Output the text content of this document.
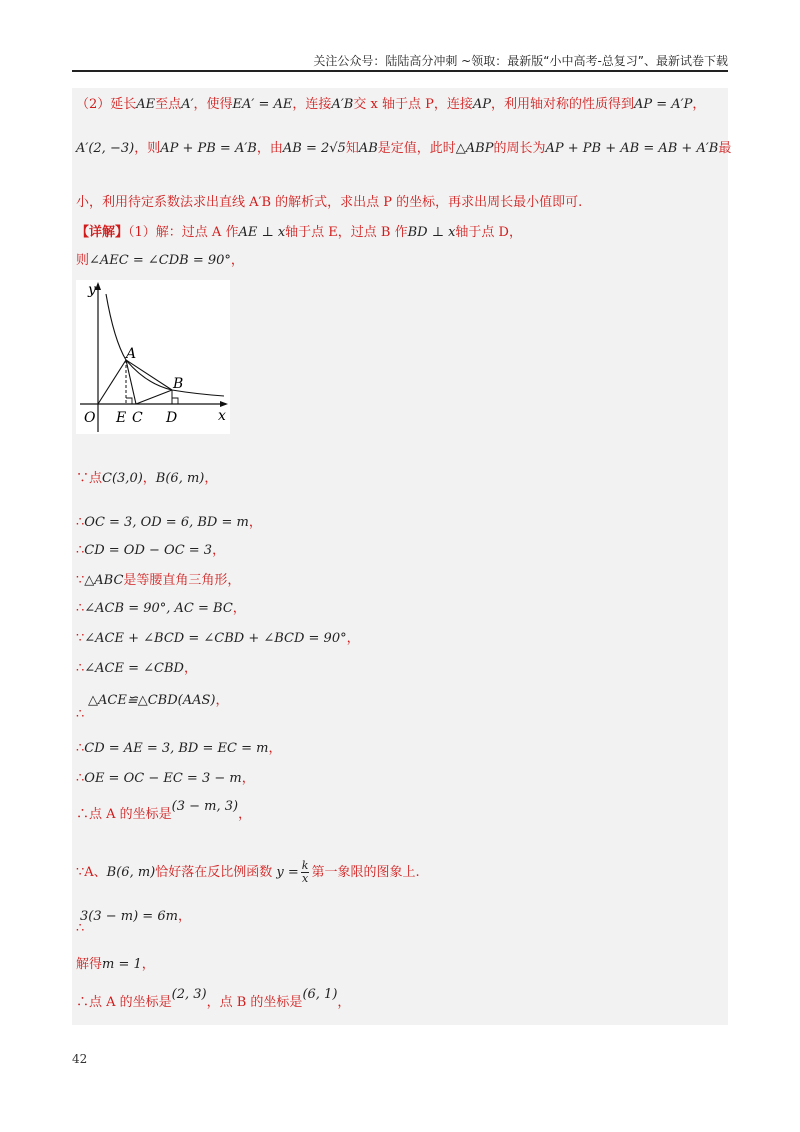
关注公众号：陆陆高分冲刺 ~领取：最新版“小中高考-总复习”、最新试卷下载
（2）延长AE至点A′，使得EA′ = AE，连接A′B交 x 轴于点 P，连接AP，利用轴对称的性质得到AP = A′P，
A′(2, −3)，则AP + PB = A′B，由AB = 2√5知AB是定值，此时△ABP的周长为AP + PB + AB = AB + A′B最
小，利用待定系数法求出直线 A′B 的解析式，求出点 P 的坐标，再求出周长最小值即可.
【详解】（1）解：过点 A 作AE ⊥ x轴于点 E，过点 B 作BD ⊥ x轴于点 D，
则∠AEC = ∠CDB = 90°，
y
x
O E C D
A
B
∵点C(3,0)，B(6, m)，
∴OC = 3, OD = 6, BD = m，
∴CD = OD − OC = 3，
∵△ABC是等腰直角三角形，
∴∠ACB = 90°, AC = BC，
∵∠ACE + ∠BCD = ∠CBD + ∠BCD = 90°，
∴∠ACE = ∠CBD，
△ACE≌△CBD(AAS)，
∴
∴CD = AE = 3, BD = EC = m，
∴OE = OC − EC = 3 − m，
∴点 A 的坐标是(3 − m, 3)，
∵A、B(6, m)恰好落在反比例函数 $y = \frac{k}{x}$ 第一象限的图象上.
3(3 − m) = 6m，
∴
解得m = 1，
∴点 A 的坐标是(2, 3)，点 B 的坐标是(6, 1)，
42
